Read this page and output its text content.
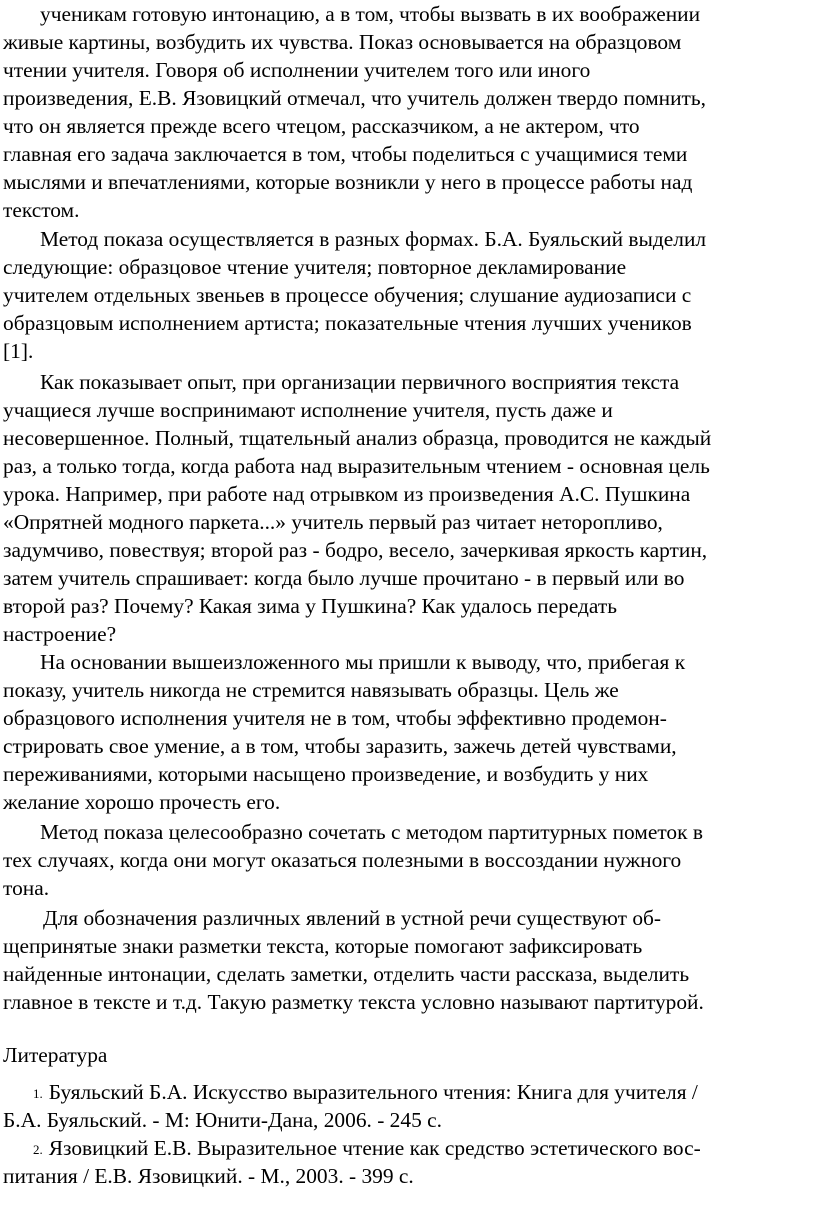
ученикам готовую интонацию, а в том, чтобы вызвать в их воображении
живые картины, возбудить их чувства. Показ основывается на образцовом
чтении учителя. Говоря об исполнении учителем того или иного
произведения, Е.В. Язовицкий отмечал, что учитель должен твердо помнить,
что он является прежде всего чтецом, рассказчиком, а не актером, что
главная его задача заключается в том, чтобы поделиться с учащимися теми
мыслями и впечатлениями, которые возникли у него в процессе работы над
текстом.
Метод показа осуществляется в разных формах. Б.А. Буяльский выделил
следующие: образцовое чтение учителя; повторное декламирование
учителем отдельных звеньев в процессе обучения; слушание аудиозаписи с
образцовым исполнением артиста; показательные чтения лучших учеников
[1].
Как показывает опыт, при организации первичного восприятия текста
учащиеся лучше воспринимают исполнение учителя, пусть даже и
несовершенное. Полный, тщательный анализ образца, проводится не каждый
раз, а только тогда, когда работа над выразительным чтением - основная цель
урока. Например, при работе над отрывком из произведения А.С. Пушкина
«Опрятней модного паркета...» учитель первый раз читает неторопливо,
задумчиво, повествуя; второй раз - бодро, весело, зачеркивая яркость картин,
затем учитель спрашивает: когда было лучше прочитано - в первый или во
второй раз? Почему? Какая зима у Пушкина? Как удалось передать
настроение?
На основании вышеизложенного мы пришли к выводу, что, прибегая к
показу, учитель никогда не стремится навязывать образцы. Цель же
образцового исполнения учителя не в том, чтобы эффективно продемон-
стрировать свое умение, а в том, чтобы заразить, зажечь детей чувствами,
переживаниями, которыми насыщено произведение, и возбудить у них
желание хорошо прочесть его.
Метод показа целесообразно сочетать с методом партитурных пометок в
тех случаях, когда они могут оказаться полезными в воссоздании нужного
тона.
Для обозначения различных явлений в устной речи существуют об-
щепринятые знаки разметки текста, которые помогают зафиксировать
найденные интонации, сделать заметки, отделить части рассказа, выделить
главное в тексте и т.д. Такую разметку текста условно называют партитурой.
Литература
1. Буяльский Б.А. Искусство выразительного чтения: Книга для учителя /
Б.А. Буяльский. - М: Юнити-Дана, 2006. - 245 с.
2. Язовицкий Е.В. Выразительное чтение как средство эстетического вос-
питания / Е.В. Язовицкий. - М., 2003. - 399 с.
